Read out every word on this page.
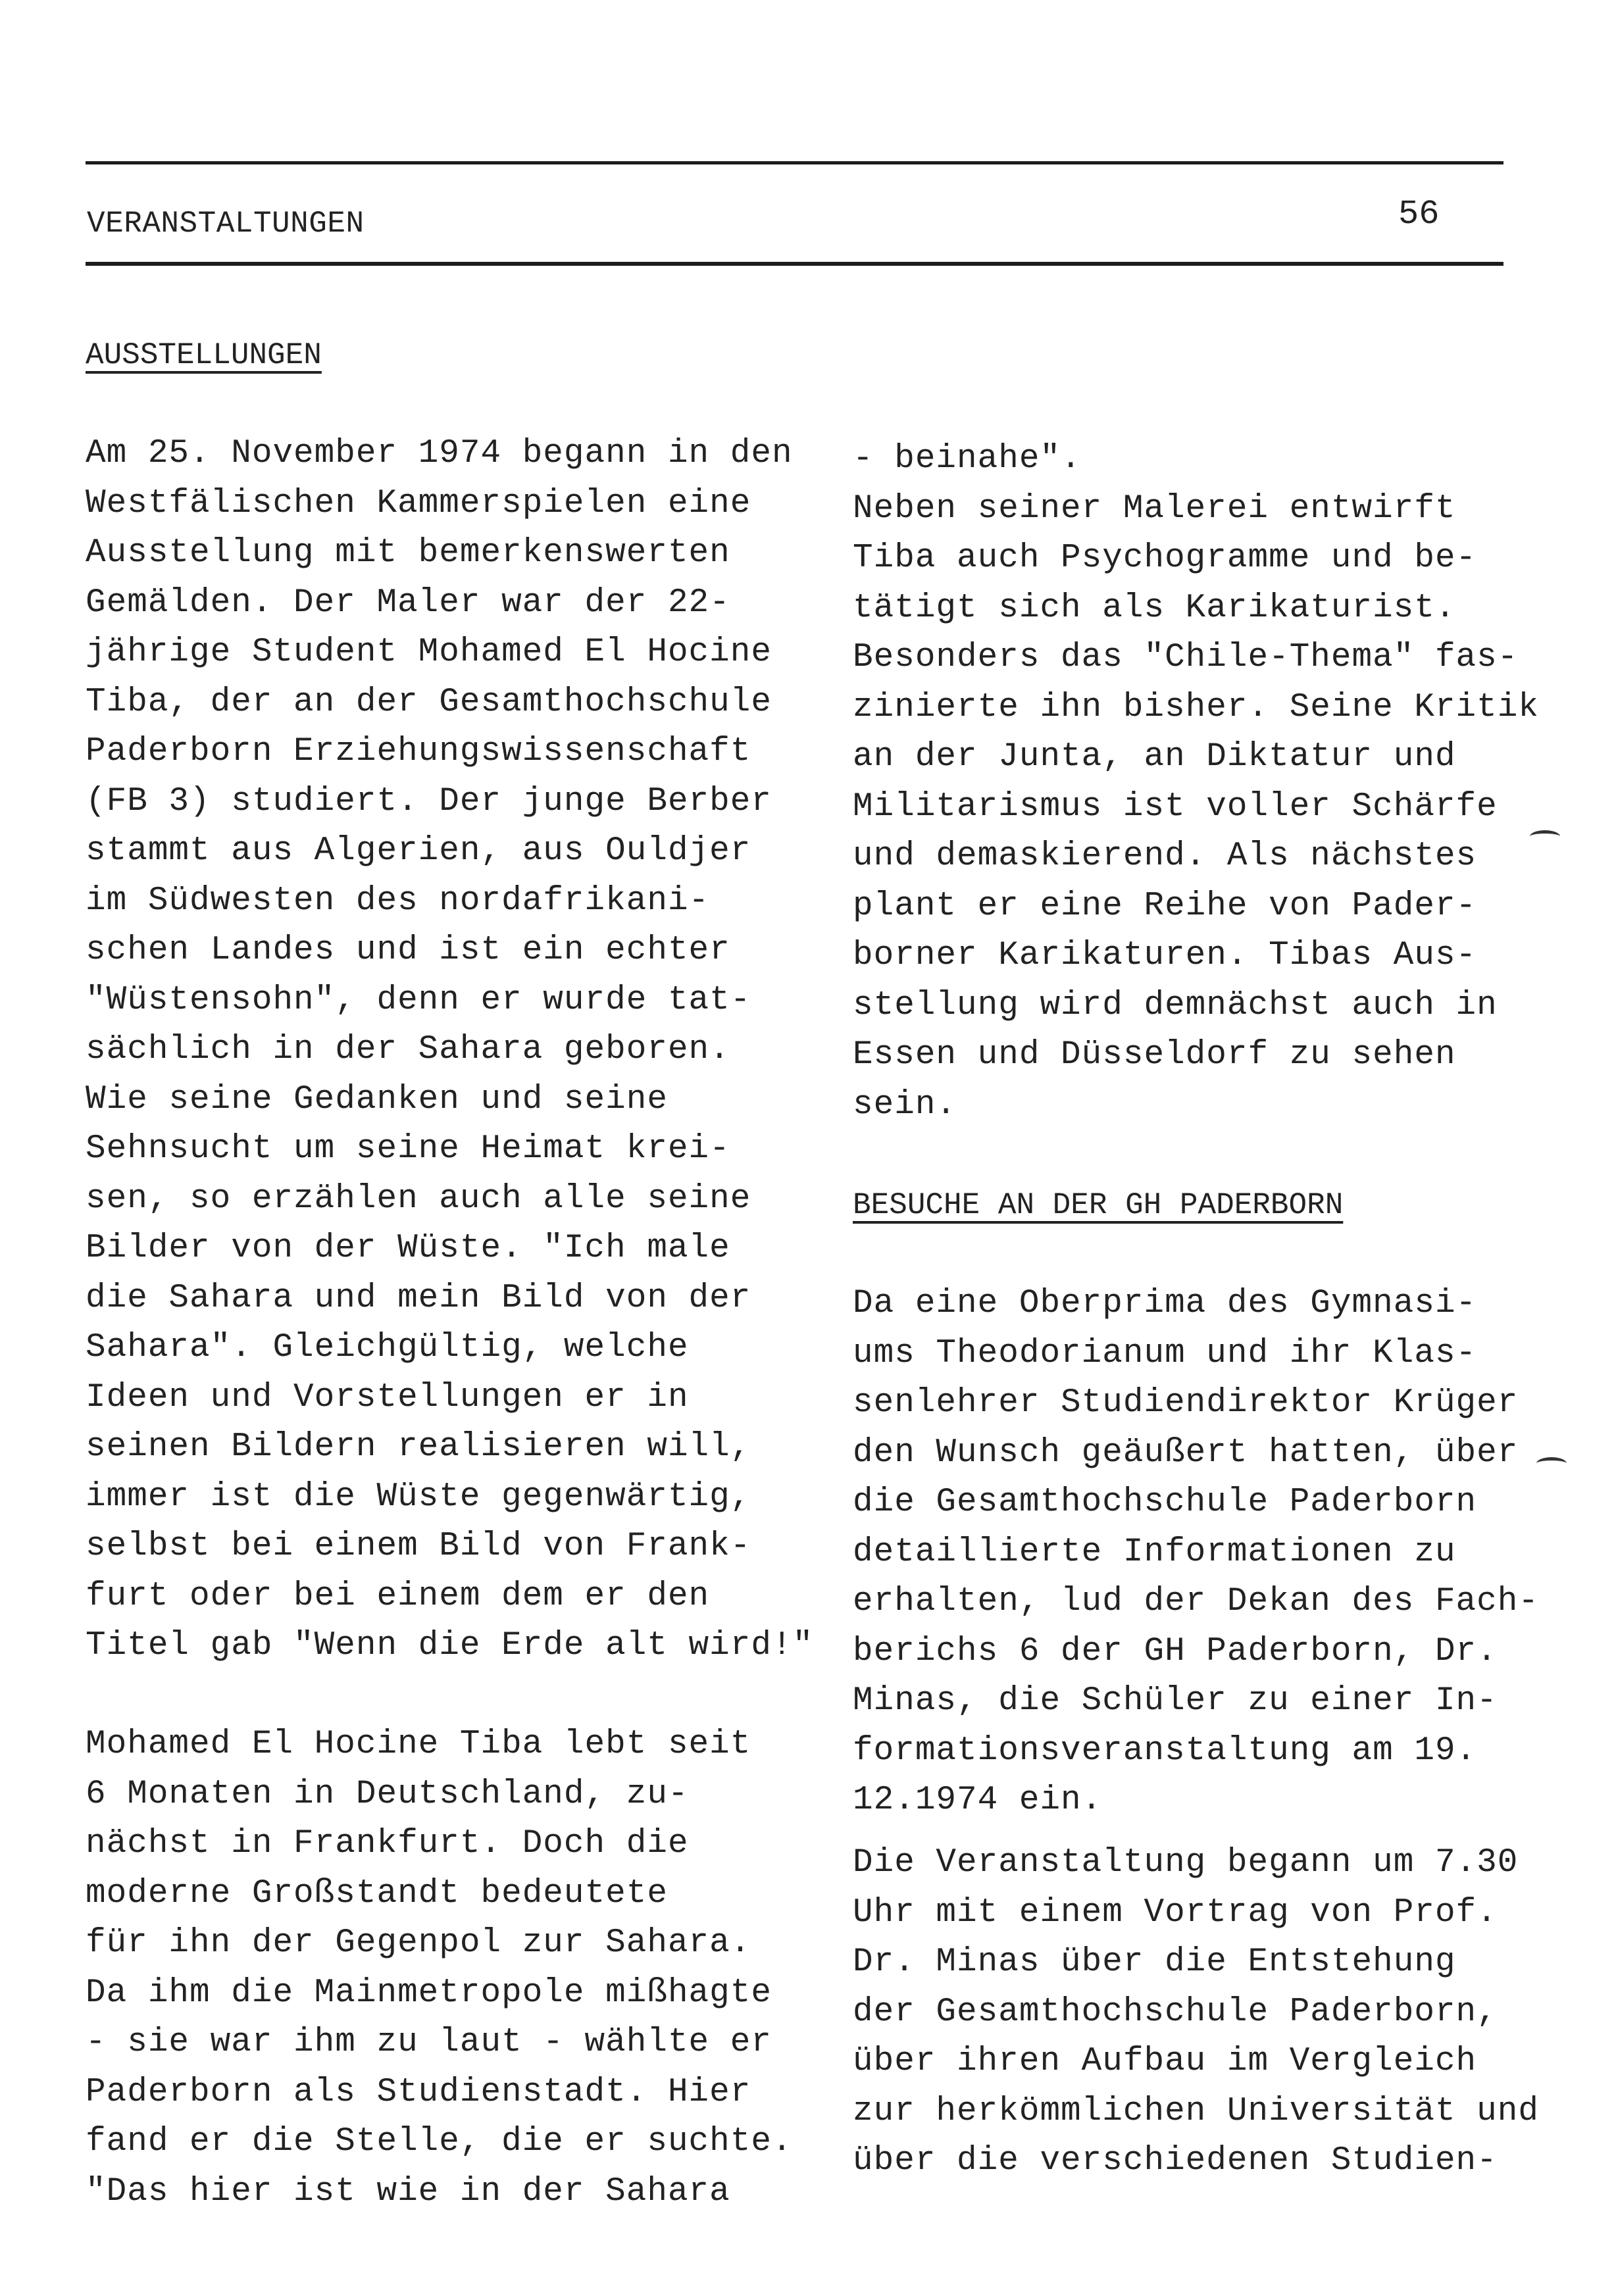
VERANSTALTUNGEN	56
AUSSTELLUNGEN
Am 25. November 1974 begann in den
Westfälischen Kammerspielen eine
Ausstellung mit bemerkenswerten
Gemälden. Der Maler war der 22-
jährige Student Mohamed El Hocine
Tiba, der an der Gesamthochschule
Paderborn Erziehungswissenschaft
(FB 3) studiert. Der junge Berber
stammt aus Algerien, aus Ouldjer
im Südwesten des nordafrikani-
schen Landes und ist ein echter
"Wüstensohn", denn er wurde tat-
sächlich in der Sahara geboren.
Wie seine Gedanken und seine
Sehnsucht um seine Heimat krei-
sen, so erzählen auch alle seine
Bilder von der Wüste. "Ich male
die Sahara und mein Bild von der
Sahara". Gleichgültig, welche
Ideen und Vorstellungen er in
seinen Bildern realisieren will,
immer ist die Wüste gegenwärtig,
selbst bei einem Bild von Frank-
furt oder bei einem dem er den
Titel gab "Wenn die Erde alt wird!"
Mohamed El Hocine Tiba lebt seit
6 Monaten in Deutschland, zu-
nächst in Frankfurt. Doch die
moderne Großstandt bedeutete
für ihn der Gegenpol zur Sahara.
Da ihm die Mainmetropole mißhagte
- sie war ihm zu laut - wählte er
Paderborn als Studienstadt. Hier
fand er die Stelle, die er suchte.
"Das hier ist wie in der Sahara
- beinahe".
Neben seiner Malerei entwirft
Tiba auch Psychogramme und be-
tätigt sich als Karikaturist.
Besonders das "Chile-Thema" fas-
zinierte ihn bisher. Seine Kritik
an der Junta, an Diktatur und
Militarismus ist voller Schärfe
und demaskierend. Als nächstes
plant er eine Reihe von Pader-
borner Karikaturen. Tibas Aus-
stellung wird demnächst auch in
Essen und Düsseldorf zu sehen
sein.
BESUCHE AN DER GH PADERBORN
Da eine Oberprima des Gymnasi-
ums Theodorianum und ihr Klas-
senlehrer Studiendirektor Krüger
den Wunsch geäußert hatten, über
die Gesamthochschule Paderborn
detaillierte Informationen zu
erhalten, lud der Dekan des Fach-
berichs 6 der GH Paderborn, Dr.
Minas, die Schüler zu einer In-
formationsveranstaltung am 19.
12.1974 ein.
Die Veranstaltung begann um 7.30
Uhr mit einem Vortrag von Prof.
Dr. Minas über die Entstehung
der Gesamthochschule Paderborn,
über ihren Aufbau im Vergleich
zur herkömmlichen Universität und
über die verschiedenen Studien-
